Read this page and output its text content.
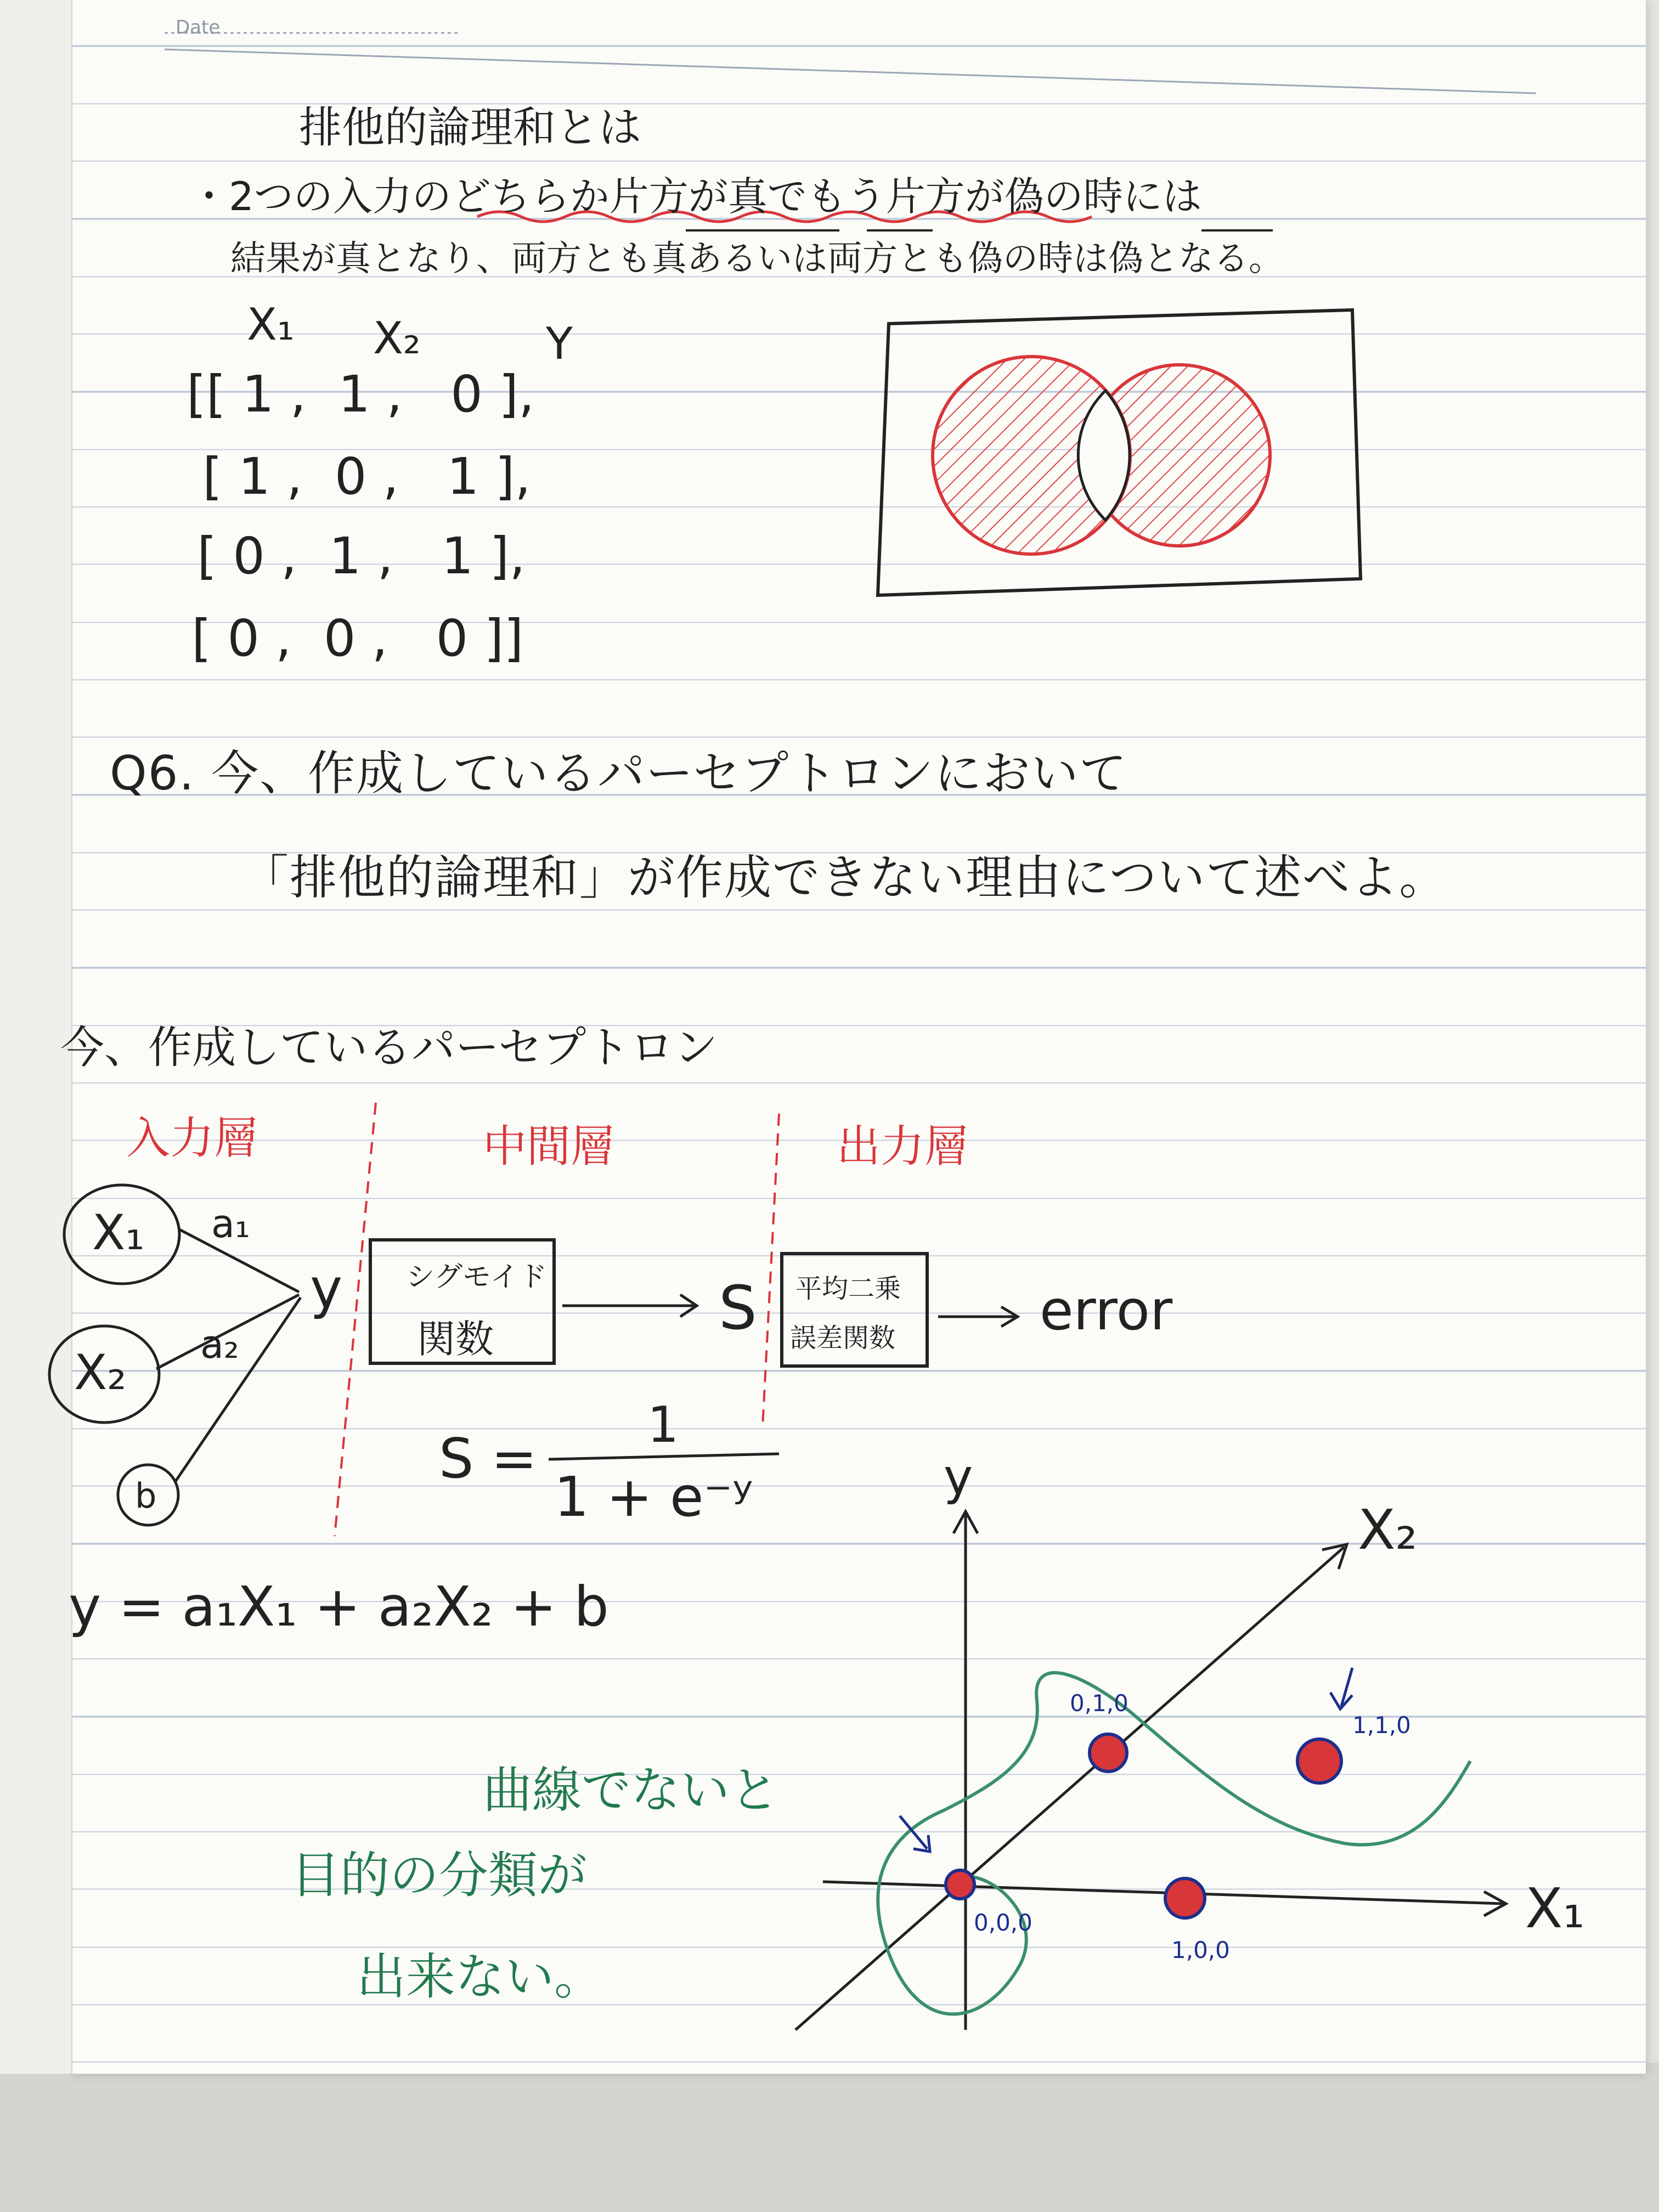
Date
排他的論理和とは
・2つの入力のどちらか片方が真でもう片方が偽の時には
結果が真となり、両方とも真あるいは両方とも偽の時は偽となる。
X₁ X₂	Y
[[ 1 ,  1 ,   0 ],
[ 1 ,  0 ,   1 ],
[ 0 ,  1 ,   1 ],
[ 0 ,  0 ,   0 ]]
Q6. 今、作成しているパーセプトロンにおいて
「排他的論理和」が作成できない理由について述べよ。
今、作成しているパーセプトロン
入力層	中間層	出力層
X₁
X₂
b
a₁
a₂
y シグモイド
関数	S 平均二乗
誤差関数	error
S =
1
1 + e⁻ʸ
y = a₁X₁ + a₂X₂ + b
y
X₂
X₁
0,0,0
0,1,0
1,0,0
1,1,0
曲線でないと
目的の分類が
出来ない。
